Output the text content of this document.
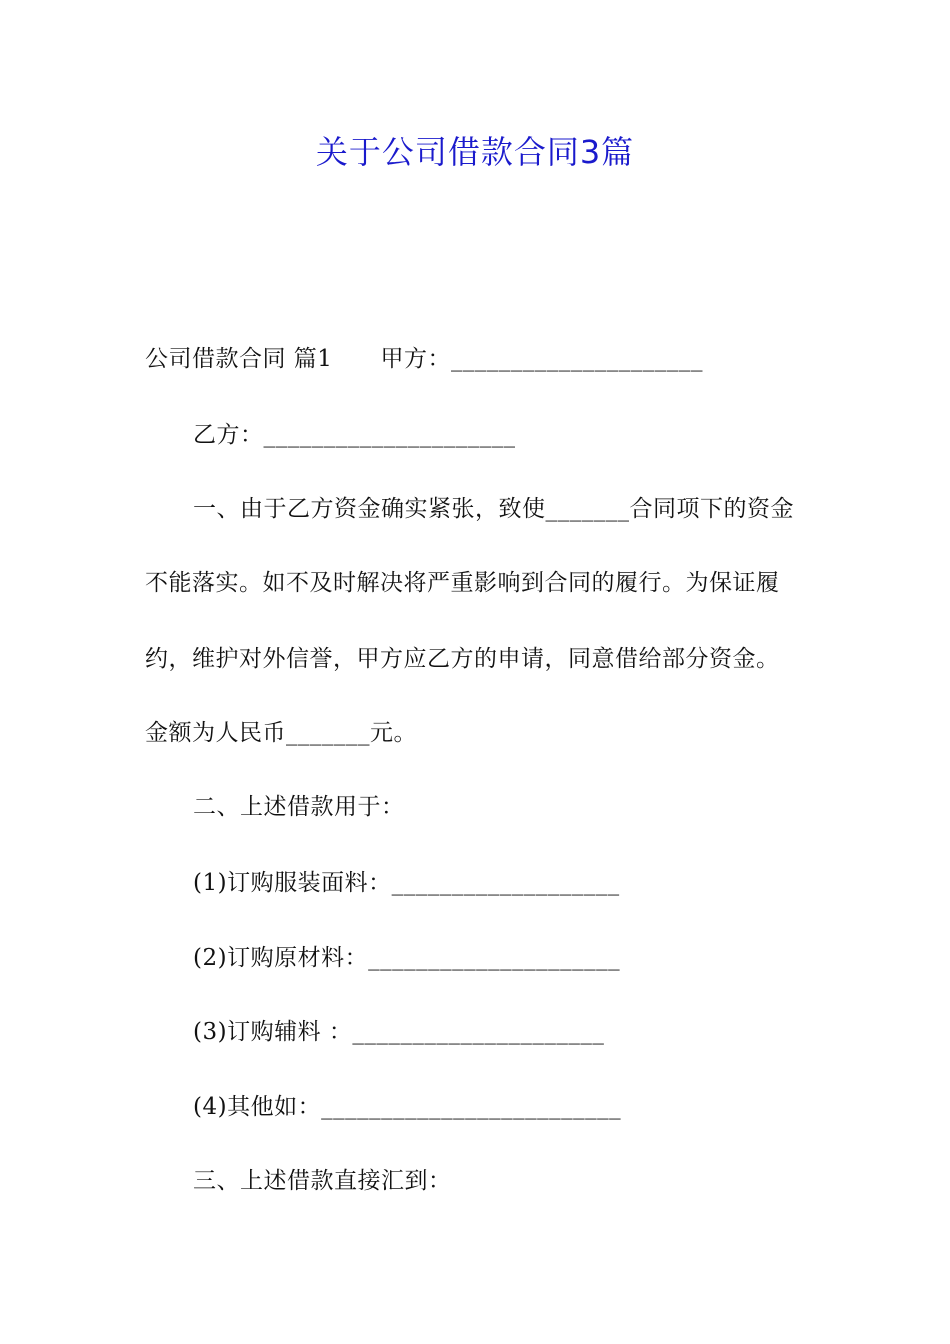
关于公司借款合同3篇
公司借款合同 篇1 甲方：_____________________
乙方：_____________________
一、由于乙方资金确实紧张，致使_______合同项下的资金
不能落实。如不及时解决将严重影响到合同的履行。为保证履
约，维护对外信誉，甲方应乙方的申请，同意借给部分资金。
金额为人民币_______元。
二、上述借款用于：
(1)订购服装面料：___________________
(2)订购原材料：_____________________
(3)订购辅料 ：_____________________
(4)其他如：_________________________
三、上述借款直接汇到：
